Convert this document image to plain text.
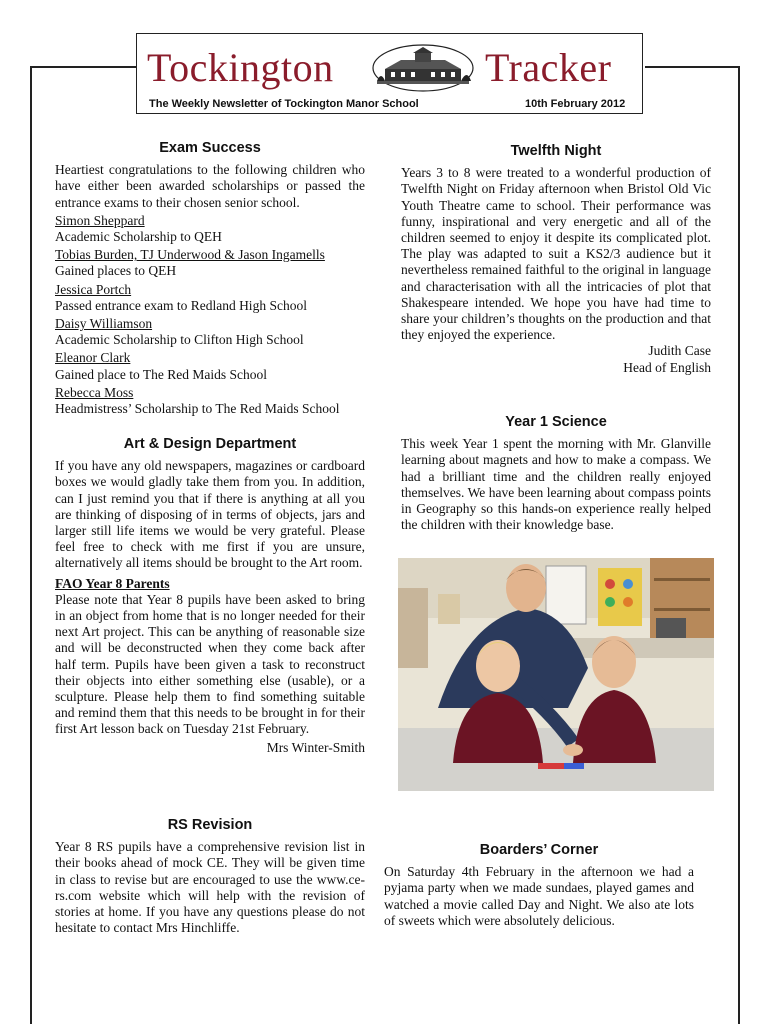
Tockington	Tracker
The Weekly Newsletter of Tockington Manor School	10th February 2012
Exam Success

Heartiest congratulations to the following children who have either been awarded scholarships or passed the entrance exams to their chosen senior school.

Simon Sheppard
Academic Scholarship to QEH
Tobias Burden, TJ Underwood & Jason Ingamells
Gained places to QEH
Jessica Portch
Passed entrance exam to Redland High School
Daisy Williamson
Academic Scholarship to Clifton High School
Eleanor Clark
Gained place to The Red Maids School
Rebecca Moss
Headmistress’ Scholarship to The Red Maids School
Art & Design Department

If you have any old newspapers, magazines or cardboard boxes we would gladly take them from you. In addition, can I just remind you that if there is anything at all you are thinking of disposing of in terms of objects, jars and larger still life items we would be very grateful. Please feel free to check with me first if you are unsure, alternatively all items should be brought to the Art room.

FAO Year 8 Parents

Please note that Year 8 pupils have been asked to bring in an object from home that is no longer needed for their next Art project. This can be anything of reasonable size and will be deconstructed when they come back after half term. Pupils have been given a task to reconstruct their objects into either something else (usable), or a sculpture. Please help them to find something suitable and remind them that this needs to be brought in for their first Art lesson back on Tuesday 21st February.

Mrs Winter-Smith
RS Revision

Year 8 RS pupils have a comprehensive revision list in their books ahead of mock CE. They will be given time in class to revise but are encouraged to use the www.ce-rs.com website which will help with the revision of stories at home. If you have any questions please do not hesitate to contact Mrs Hinchliffe.

Twelfth Night

Years 3 to 8 were treated to a wonderful production of Twelfth Night on Friday afternoon when Bristol Old Vic Youth Theatre came to school. Their performance was funny, inspirational and very energetic and all of the children seemed to enjoy it despite its complicated plot. The play was adapted to suit a KS2/3 audience but it nevertheless remained faithful to the original in language and characterisation with all the intricacies of plot that Shakespeare intended. We hope you have had time to share your children’s thoughts on the production and that they enjoyed the experience.

Judith Case
Head of English
Year 1 Science

This week Year 1 spent the morning with Mr. Glanville learning about magnets and how to make a compass. We had a brilliant time and the children really enjoyed themselves. We have been learning about compass points in Geography so this hands-on experience really helped the children with their knowledge base.

Boarders’ Corner

On Saturday 4th February in the afternoon we had a pyjama party when we made sundaes, played games and watched a movie called Day and Night. We also ate lots of sweets which were absolutely delicious.
